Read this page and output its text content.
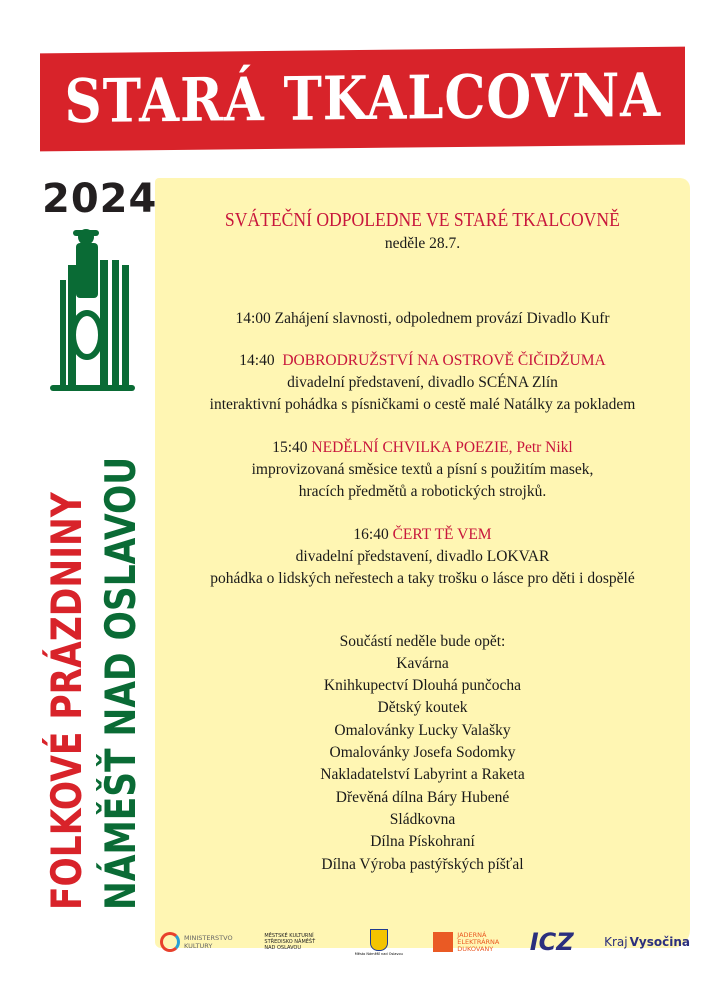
STARÁ TKALCOVNA
2024
FOLKOVÉ PRÁZDNINY NÁMĚŠŤ NAD OSLAVOU
SVÁTEČNÍ ODPOLEDNE VE STARÉ TKALCOVNĚ
neděle 28.7.
14:00 Zahájení slavnosti, odpolednem provází Divadlo Kufr
14:40 DOBRODRUŽSTVÍ NA OSTROVĚ ČIČIDŽUMA
divadelní představení, divadlo SCÉNA Zlín
interaktivní pohádka s písničkami o cestě malé Natálky za pokladem
15:40 NEDĚLNÍ CHVILKA POEZIE, Petr Nikl
improvizovaná směsice textů a písní s použitím masek,
hracích předmětů a robotických strojků.
16:40 ČERT TĚ VEM
divadelní představení, divadlo LOKVAR
pohádka o lidských neřestech a taky trošku o lásce pro děti i dospělé
Součástí neděle bude opět:
Kavárna
Knihkupectví Dlouhá punčocha
Dětský koutek
Omalovánky Lucky Valašky
Omalovánky Josefa Sodomky
Nakladatelství Labyrint a Raketa
Dřevěná dílna Báry Hubené
Sládkovna
Dílna Pískohraní
Dílna Výroba pastýřských píšťal
MINISTERSTVO KULTURY
MĚSTSKÉ KULTURNÍ STŘEDISKO NÁMĚŠŤ NAD OSLAVOU
Město Náměšť nad Oslavou
JADERNÁ
ELEKTRÁRNA
DUKOVANY ICZ	Kraj Vysočina
